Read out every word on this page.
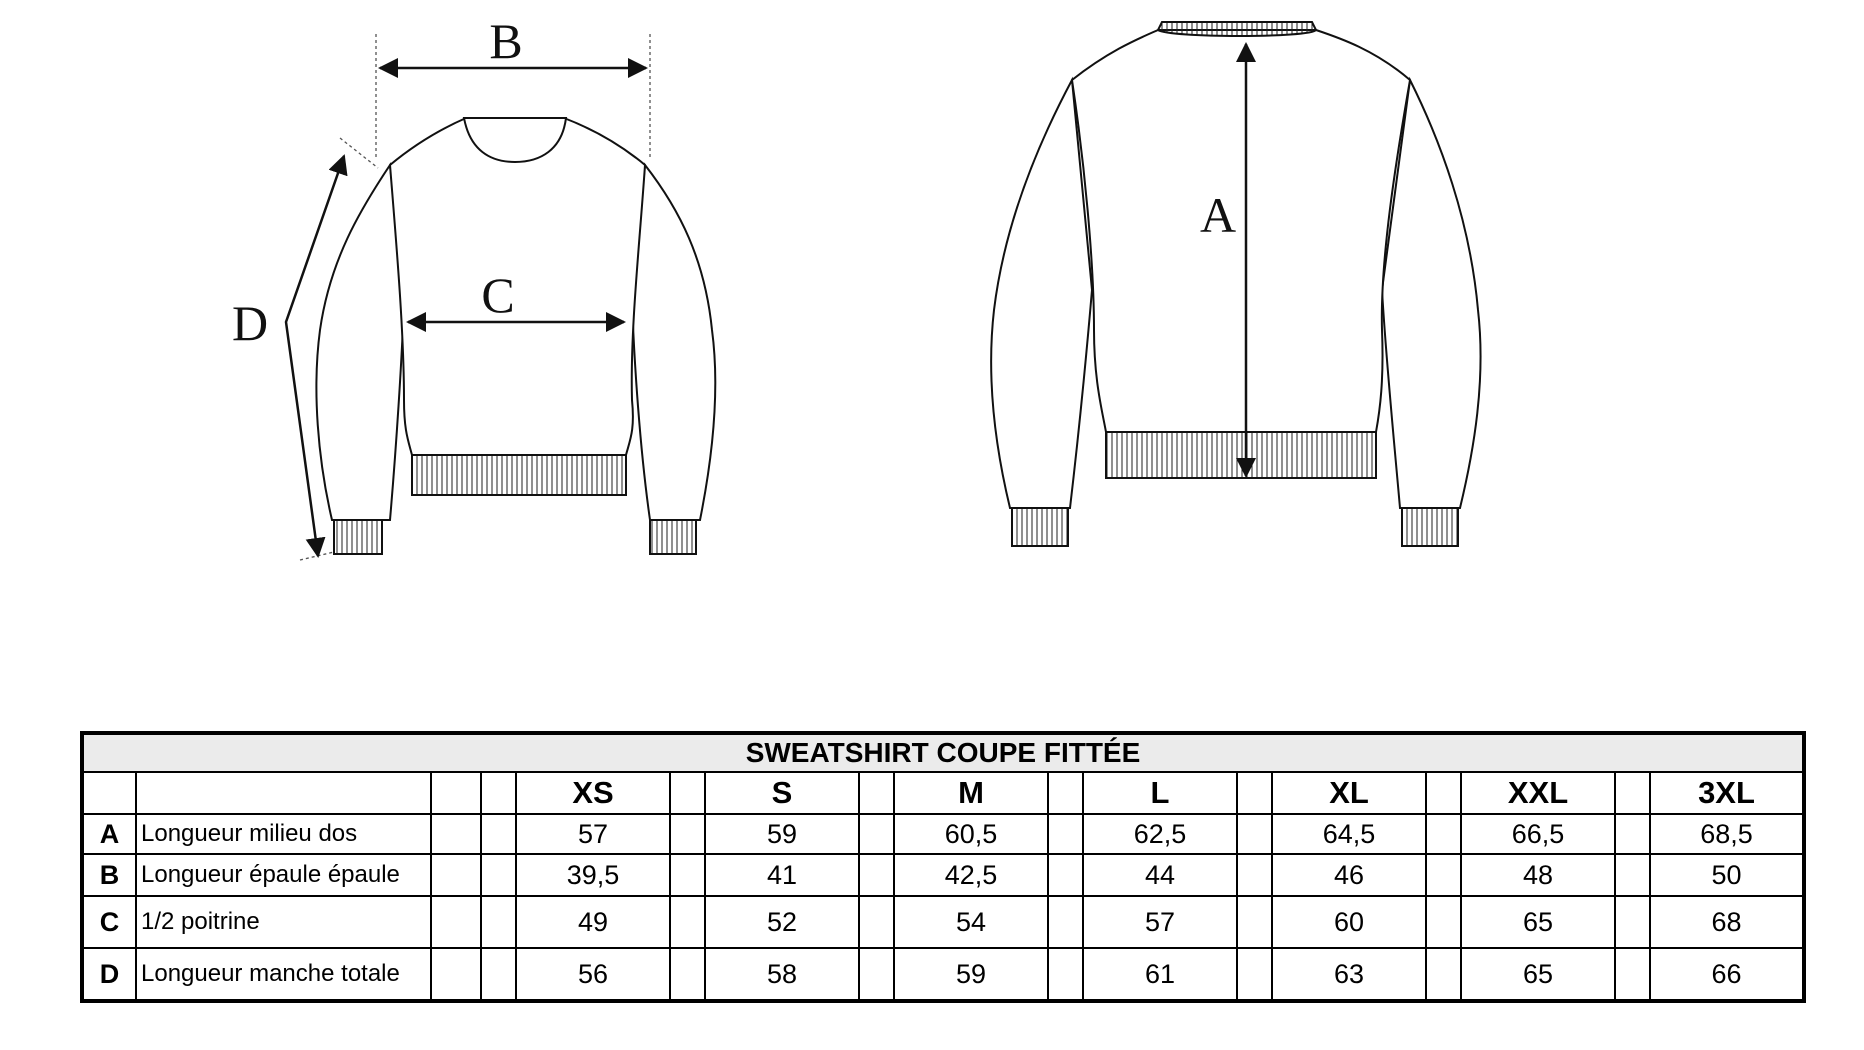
B
C
D
A
SWEATSHIRT COUPE FITTÉE																
				XS		S		M		L		XL		XXL		3XL
A	Longueur milieu dos			57		59		60,5		62,5		64,5		66,5		68,5
B	Longueur épaule épaule			39,5		41		42,5		44		46		48		50
C	1/2 poitrine			49		52		54		57		60		65		68
D	Longueur manche totale			56		58		59		61		63		65		66
